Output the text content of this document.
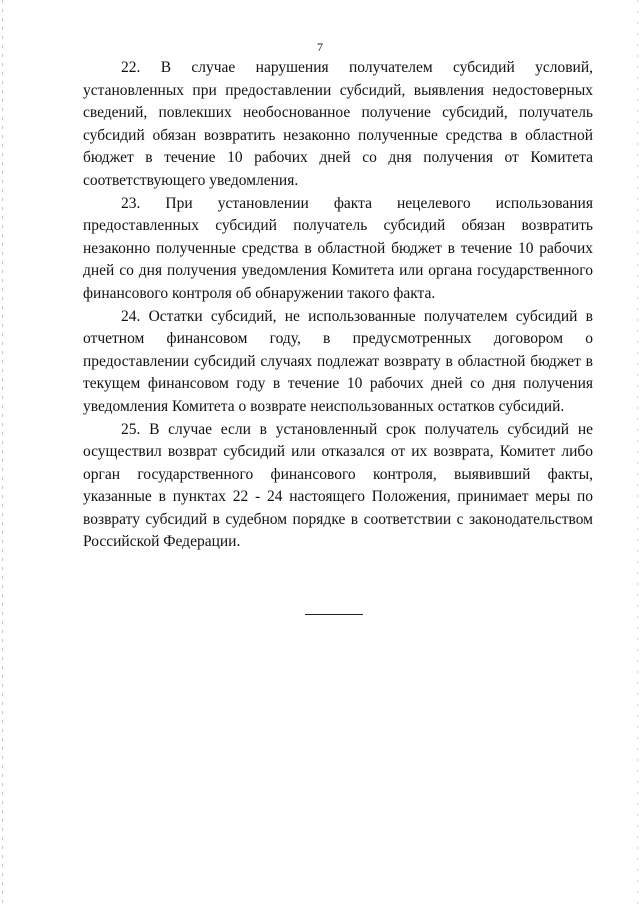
7

22. В случае нарушения получателем субсидий условий, установленных при предоставлении субсидий, выявления недостоверных сведений, повлекших необоснованное получение субсидий, получатель субсидий обязан возвратить незаконно полученные средства в областной бюджет в течение 10 рабочих дней со дня получения от Комитета соответствующего уведомления.

23. При установлении факта нецелевого использования предоставленных субсидий получатель субсидий обязан возвратить незаконно полученные средства в областной бюджет в течение 10 рабочих дней со дня получения уведомления Комитета или органа государственного финансового контроля об обнаружении такого факта.

24. Остатки субсидий, не использованные получателем субсидий в отчетном финансовом году, в предусмотренных договором о предоставлении субсидий случаях подлежат возврату в областной бюджет в текущем финансовом году в течение 10 рабочих дней со дня получения уведомления Комитета о возврате неиспользованных остатков субсидий.

25. В случае если в установленный срок получатель субсидий не осуществил возврат субсидий или отказался от их возврата, Комитет либо орган государственного финансового контроля, выявивший факты, указанные в пунктах 22 - 24 настоящего Положения, принимает меры по возврату субсидий в судебном порядке в соответствии с законодательством Российской Федерации.
